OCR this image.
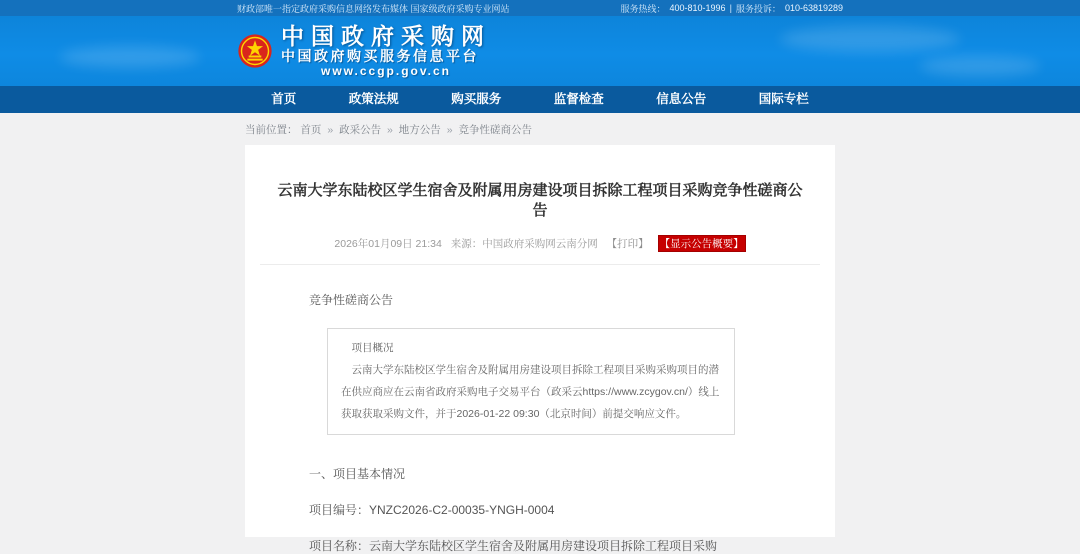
财政部唯一指定政府采购信息网络发布媒体 国家级政府采购专业网站	服务热线： 400-810-1996 | 服务投诉： 010-63819289
中国政府采购网
中国政府购买服务信息平台
www.ccgp.gov.cn
首页	政策法规	购买服务	监督检查	信息公告	国际专栏
当前位置： 首页 » 政采公告 » 地方公告 » 竞争性磋商公告
云南大学东陆校区学生宿舍及附属用房建设项目拆除工程项目采购竞争性磋商公告
2026年01月09日 21:34 来源：中国政府采购网云南分网 【打印】 【显示公告概要】
竞争性磋商公告
项目概况
云南大学东陆校区学生宿舍及附属用房建设项目拆除工程项目采购采购项目的潜在供应商应在云南省政府采购电子交易平台（政采云https://www.zcygov.cn/）线上获取获取采购文件，并于2026-01-22 09:30（北京时间）前提交响应文件。
一、项目基本情况
项目编号：YNZC2026-C2-00035-YNGH-0004
项目名称：云南大学东陆校区学生宿舍及附属用房建设项目拆除工程项目采购
